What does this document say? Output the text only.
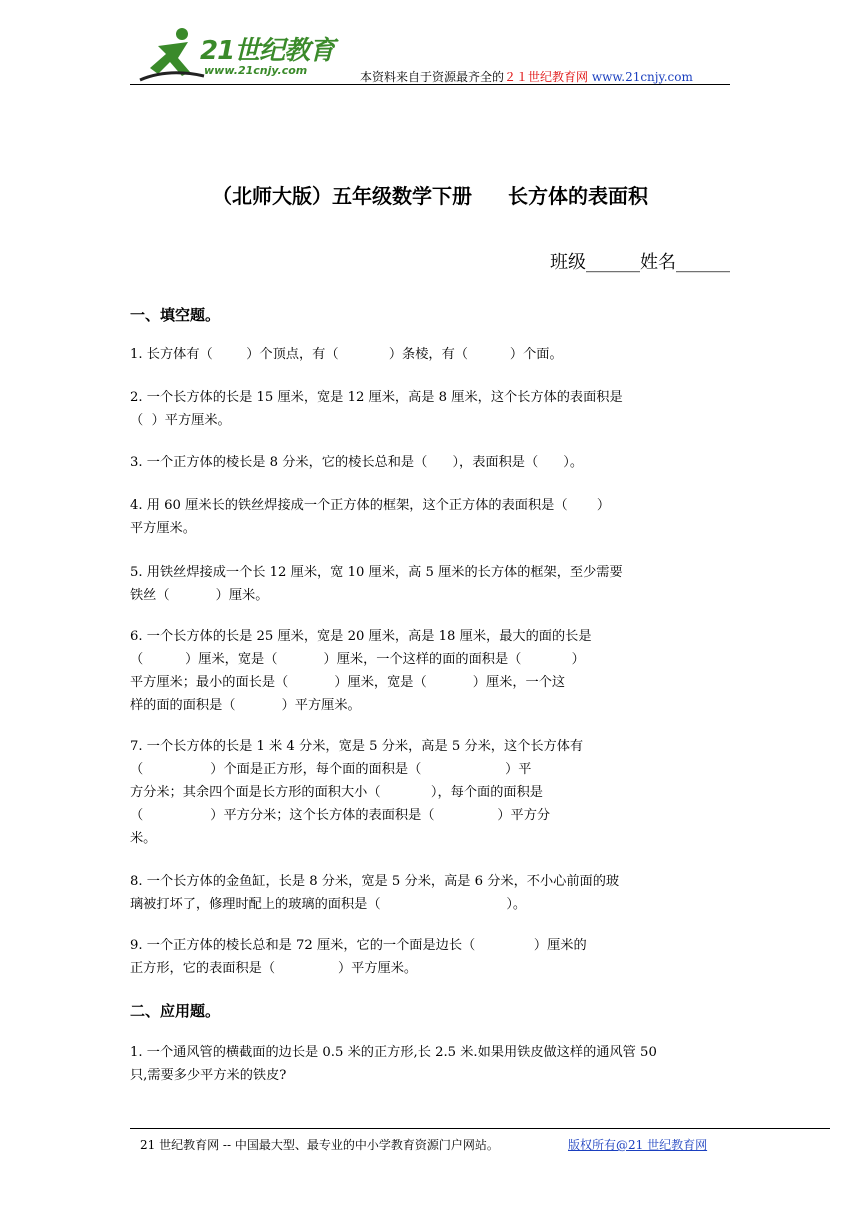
21世纪教育
www.21cnjy.com	本资料来自于资源最齐全的２１世纪教育网 www.21cnjy.com
（北师大版）五年级数学下册 长方体的表面积
班级______姓名______
一、填空题。
1. 长方体有（        ）个顶点，有（            ）条棱，有（          ）个面。
2. 一个长方体的长是 15 厘米，宽是 12 厘米，高是 8 厘米，这个长方体的表面积是
（  ）平方厘米。
3. 一个正方体的棱长是 8 分米，它的棱长总和是（      ），表面积是（      ）。
4. 用 60 厘米长的铁丝焊接成一个正方体的框架，这个正方体的表面积是（       ）
平方厘米。
5. 用铁丝焊接成一个长 12 厘米，宽 10 厘米，高 5 厘米的长方体的框架，至少需要
铁丝（           ）厘米。
6. 一个长方体的长是 25 厘米，宽是 20 厘米，高是 18 厘米，最大的面的长是
（          ）厘米，宽是（           ）厘米，一个这样的面的面积是（            ）
平方厘米；最小的面长是（           ）厘米，宽是（           ）厘米，一个这
样的面的面积是（           ）平方厘米。
7. 一个长方体的长是 1 米 4 分米，宽是 5 分米，高是 5 分米，这个长方体有
（                ）个面是正方形，每个面的面积是（                    ）平
方分米；其余四个面是长方形的面积大小（            ），每个面的面积是
（                ）平方分米；这个长方体的表面积是（               ）平方分
米。
8. 一个长方体的金鱼缸，长是 8 分米，宽是 5 分米，高是 6 分米，不小心前面的玻
璃被打坏了，修理时配上的玻璃的面积是（                              ）。
9. 一个正方体的棱长总和是 72 厘米，它的一个面是边长（              ）厘米的
正方形，它的表面积是（               ）平方厘米。
二、应用题。
1. 一个通风管的横截面的边长是 0.5 米的正方形,长 2.5 米.如果用铁皮做这样的通风管 50
只,需要多少平方米的铁皮?
21 世纪教育网 -- 中国最大型、最专业的中小学教育资源门户网站。	版权所有@21 世纪教育网
